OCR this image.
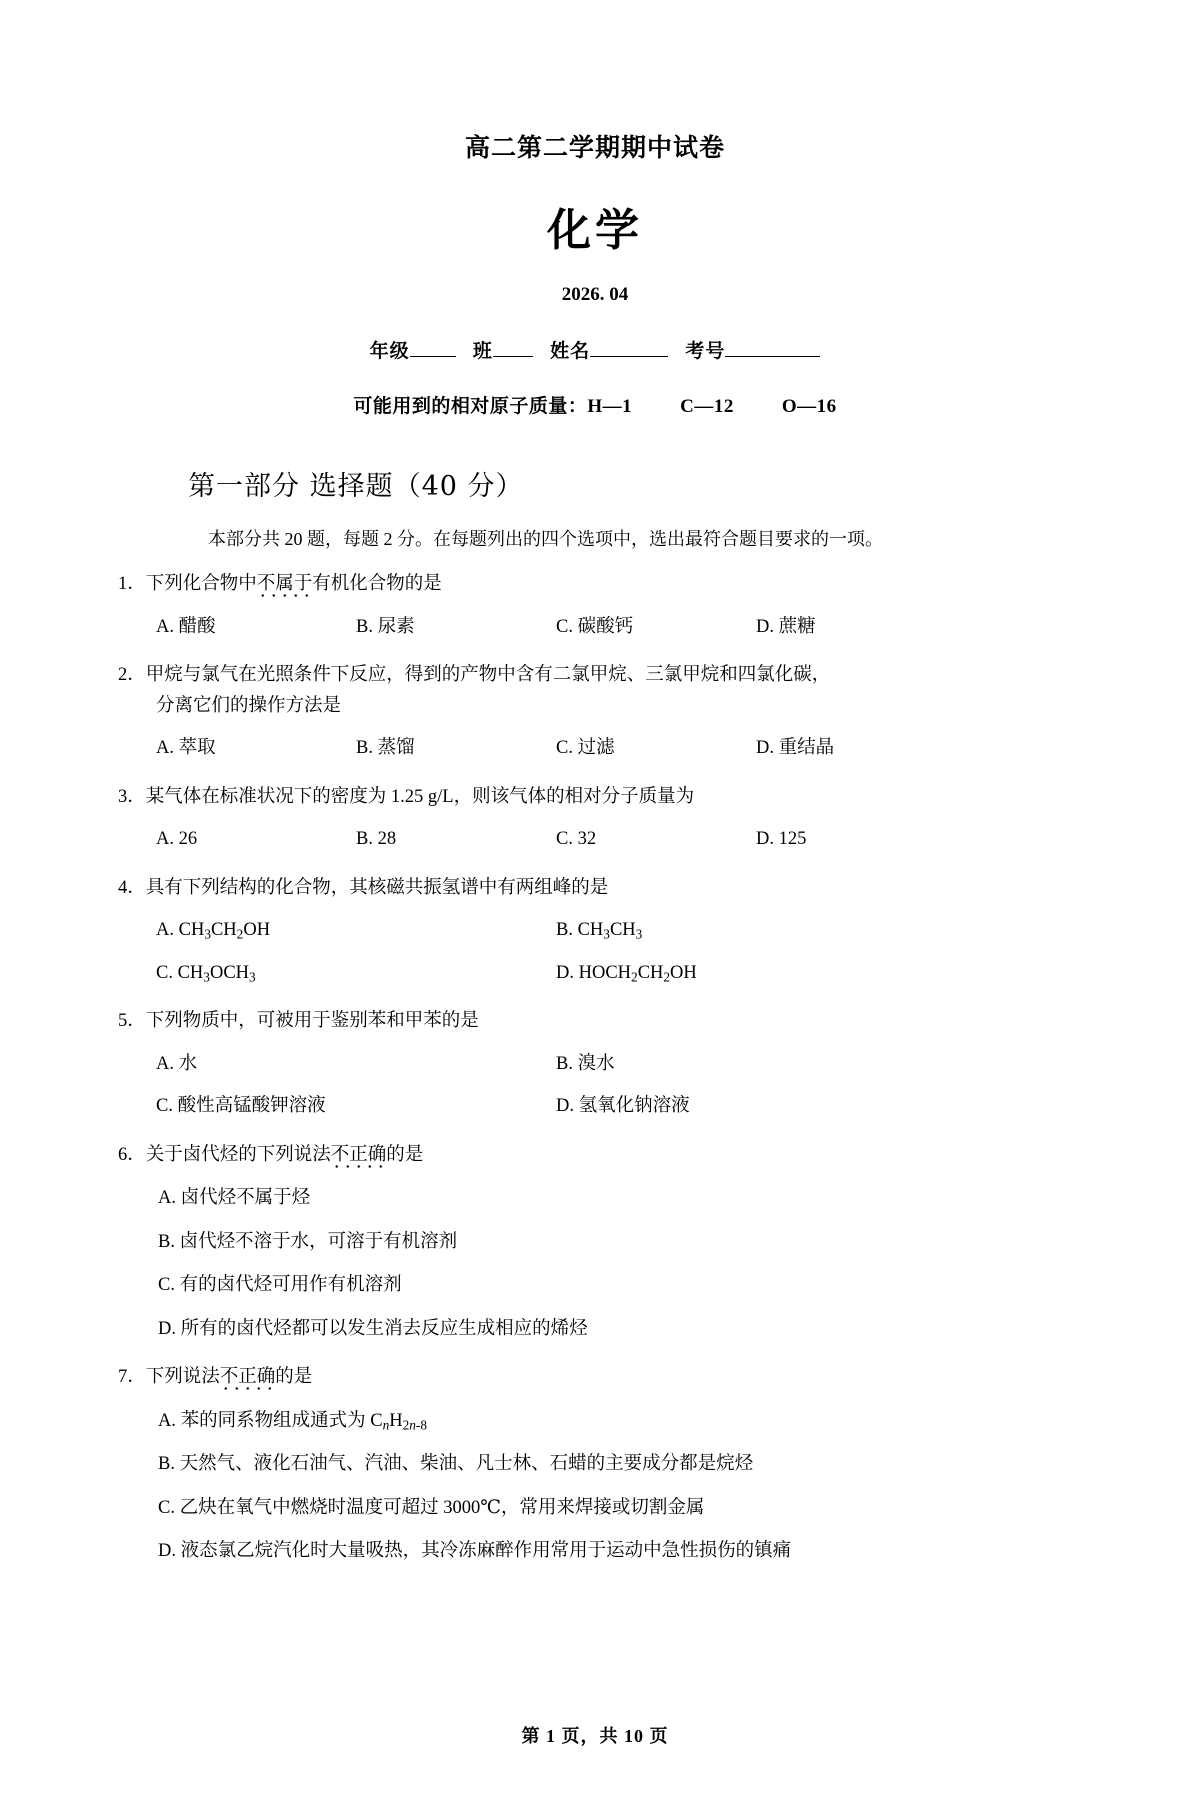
高二第二学期期中试卷
化学
2026. 04
年级	班	姓名	考号
可能用到的相对原子质量：H—1	C—12	O—16
第一部分 选择题（40 分）
本部分共 20 题，每题 2 分。在每题列出的四个选项中，选出最符合题目要求的一项。
1．下列化合物中不属于有机化合物的是
A. 醋酸	B. 尿素	C. 碳酸钙	D. 蔗糖
2．甲烷与氯气在光照条件下反应，得到的产物中含有二氯甲烷、三氯甲烷和四氯化碳，
分离它们的操作方法是
A. 萃取	B. 蒸馏	C. 过滤	D. 重结晶
3．某气体在标准状况下的密度为 1.25 g/L，则该气体的相对分子质量为
A. 26	B. 28	C. 32	D. 125
4．具有下列结构的化合物，其核磁共振氢谱中有两组峰的是
A. $CH_3CH_2OH$	B. $CH_3CH_3$
C. $CH_3OCH_3$	D. $HOCH_2CH_2OH$
5．下列物质中，可被用于鉴别苯和甲苯的是
A. 水	B. 溴水
C. 酸性高锰酸钾溶液	D. 氢氧化钠溶液
6．关于卤代烃的下列说法不正确的是
A. 卤代烃不属于烃
B. 卤代烃不溶于水，可溶于有机溶剂
C. 有的卤代烃可用作有机溶剂
D. 所有的卤代烃都可以发生消去反应生成相应的烯烃
7．下列说法不正确的是
A. 苯的同系物组成通式为 $C_nH_{2n-8}$
B. 天然气、液化石油气、汽油、柴油、凡士林、石蜡的主要成分都是烷烃
C. 乙炔在氧气中燃烧时温度可超过 3000℃，常用来焊接或切割金属
D. 液态氯乙烷汽化时大量吸热，其冷冻麻醉作用常用于运动中急性损伤的镇痛
第 1 页，共 10 页
